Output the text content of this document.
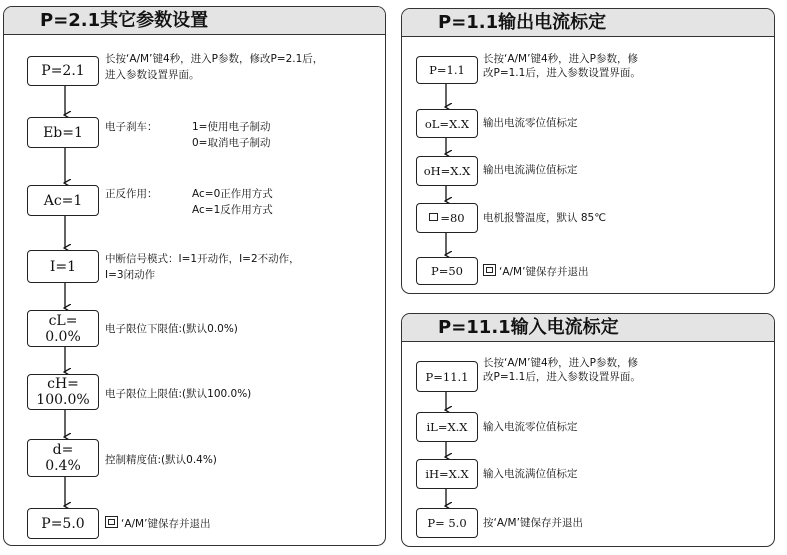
P=2.1其它参数设置	P=1.1输出电流标定
P=11.1输入电流标定
P=2.1
Eb=1
Ac=1
I=1
cL=
0.0%
cH=
100.0%
d=
0.4%
P=5.0
长按‘A/M’键4秒，进入P参数，修改P=2.1后，
进入参数设置界面。
电子刹车：	1=使用电子制动
0=取消电子制动
正反作用：	Ac=0正作用方式
Ac=1反作用方式
中断信号模式：I=1开动作，I=2不动作，
I=3闭动作
电子限位下限值:(默认0.0%)
电子限位上限值:(默认100.0%)
控制精度值:(默认0.4%)
‘A/M’键保存并退出
P=1.1
oL=X.X
oH=X.X
=80
P=50
长按‘A/M’键4秒，进入P参数，修
改P=1.1后，进入参数设置界面。
输出电流零位值标定
输出电流满位值标定
电机报警温度，默认 85℃
‘A/M’键保存并退出
P=11.1
iL=X.X
iH=X.X
P= 5.0
长按‘A/M’键4秒，进入P参数，修
改P=1.1后，进入参数设置界面。
输入电流零位值标定
输入电流满位值标定
按‘A/M’键保存并退出
